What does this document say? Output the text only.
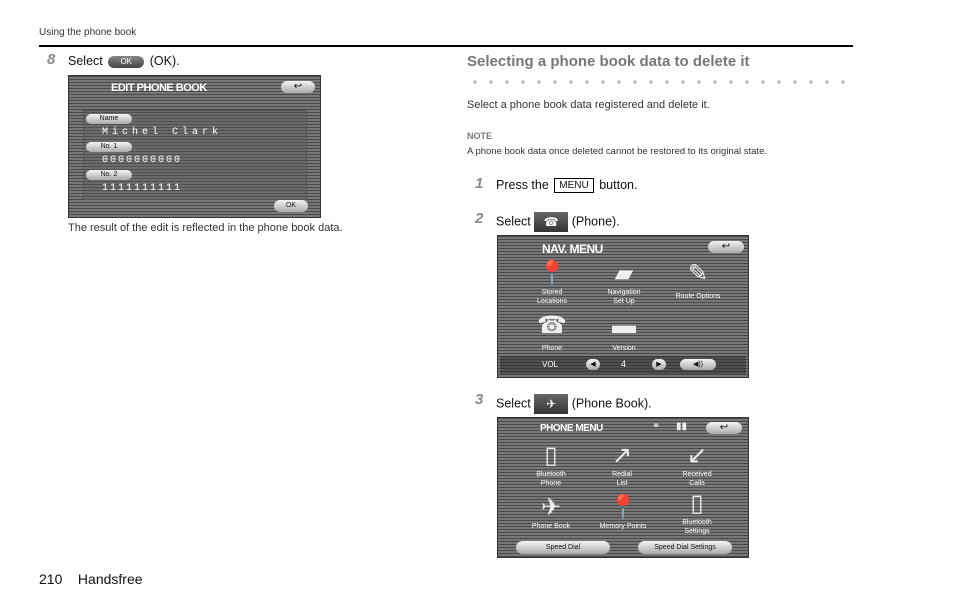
Using the phone book
8 Select OK (OK).
EDIT PHONE BOOK	↩
Name
Michel Clark
No. 1
0000000000
No. 2
1111111111
OK
The result of the edit is reflected in the phone book data.
Selecting a phone book data to delete it
Select a phone book data registered and delete it.
NOTE
A phone book data once deleted cannot be restored to its original state.
1 Press the MENU button.
2 Select ☎ (Phone).
NAV. MENU	↩
📍
Stored
Locations
▰
Navigation
Set Up
✎
Route Options
☎
Phone
▬
Version
VOL	◀	4	▶	◀))
3 Select ✈ (Phone Book).
PHONE MENU	⚭ ▮▮	↩
▯
Bluetooth
Phone
↗
Redial
List
↙
Received
Calls
✈
Phone Book
📍
Memory Points
▯
Bluetooth
Settings
Speed Dial	Speed Dial Settings
210 Handsfree
